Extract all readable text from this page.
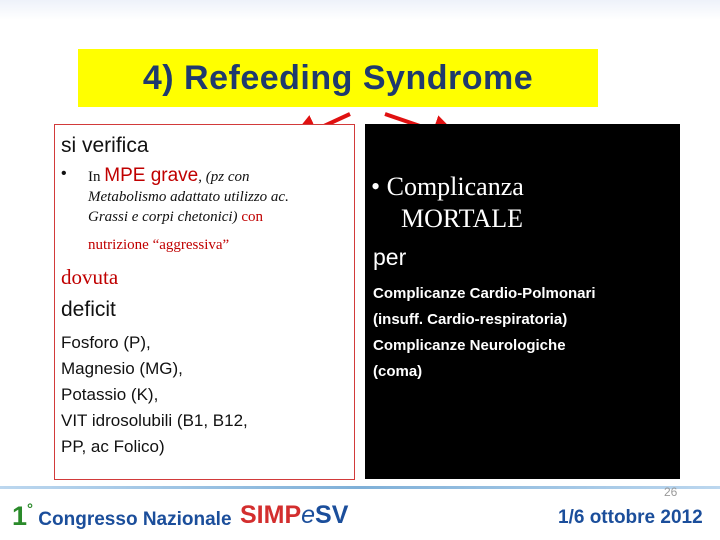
4) Refeeding Syndrome
si verifica
• In MPE grave, (pz con
Metabolismo adattato utilizzo ac.
Grassi e corpi chetonici) con
nutrizione “aggressiva”
dovuta
deficit
Fosforo (P),
Magnesio (MG),
Potassio (K),
VIT idrosolubili (B1, B12,
PP, ac Folico)
• Complicanza
MORTALE
per
Complicanze Cardio-Polmonari
(insuff. Cardio-respiratoria)
Complicanze Neurologiche
(coma)
1° Congresso Nazionale SIMPeSV	1/6 ottobre 2012
26
